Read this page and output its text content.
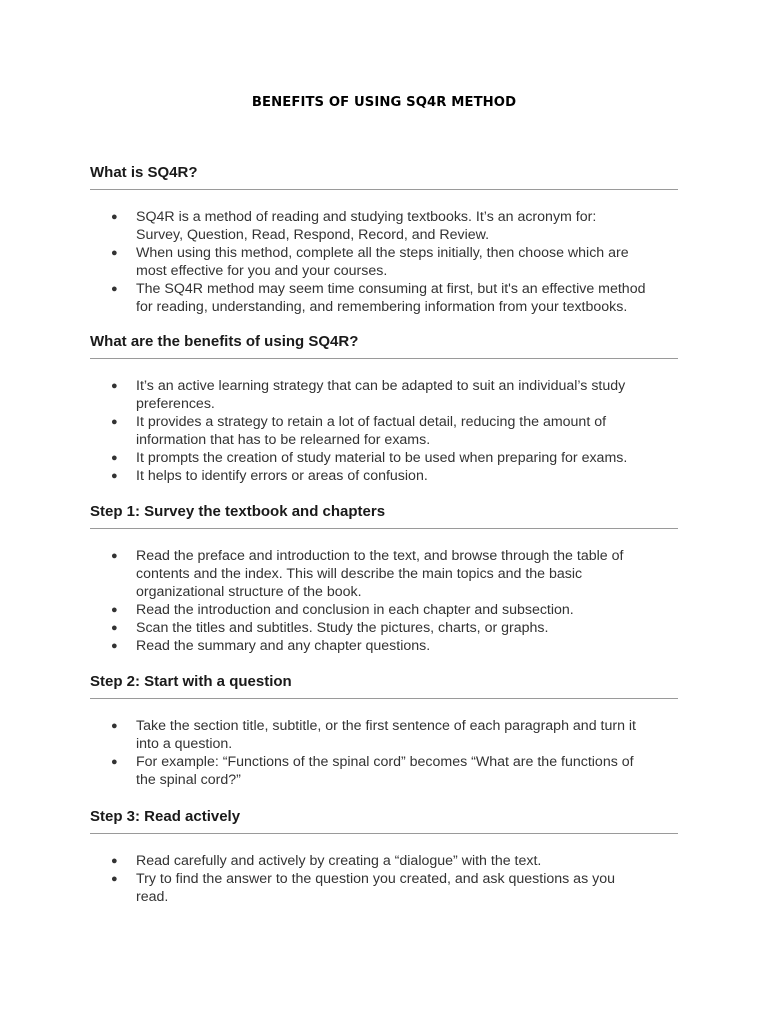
BENEFITS OF USING SQ4R METHOD
What is SQ4R?
● SQ4R is a method of reading and studying textbooks. It’s an acronym for:
Survey, Question, Read, Respond, Record, and Review.
● When using this method, complete all the steps initially, then choose which are
most effective for you and your courses.
● The SQ4R method may seem time consuming at first, but it's an effective method
for reading, understanding, and remembering information from your textbooks.
What are the benefits of using SQ4R?
● It’s an active learning strategy that can be adapted to suit an individual’s study
preferences.
● It provides a strategy to retain a lot of factual detail, reducing the amount of
information that has to be relearned for exams.
● It prompts the creation of study material to be used when preparing for exams.
● It helps to identify errors or areas of confusion.
Step 1: Survey the textbook and chapters
● Read the preface and introduction to the text, and browse through the table of
contents and the index. This will describe the main topics and the basic
organizational structure of the book.
● Read the introduction and conclusion in each chapter and subsection.
● Scan the titles and subtitles. Study the pictures, charts, or graphs.
● Read the summary and any chapter questions.
Step 2: Start with a question
● Take the section title, subtitle, or the first sentence of each paragraph and turn it
into a question.
● For example: “Functions of the spinal cord” becomes “What are the functions of
the spinal cord?”
Step 3: Read actively
● Read carefully and actively by creating a “dialogue” with the text.
● Try to find the answer to the question you created, and ask questions as you
read.
